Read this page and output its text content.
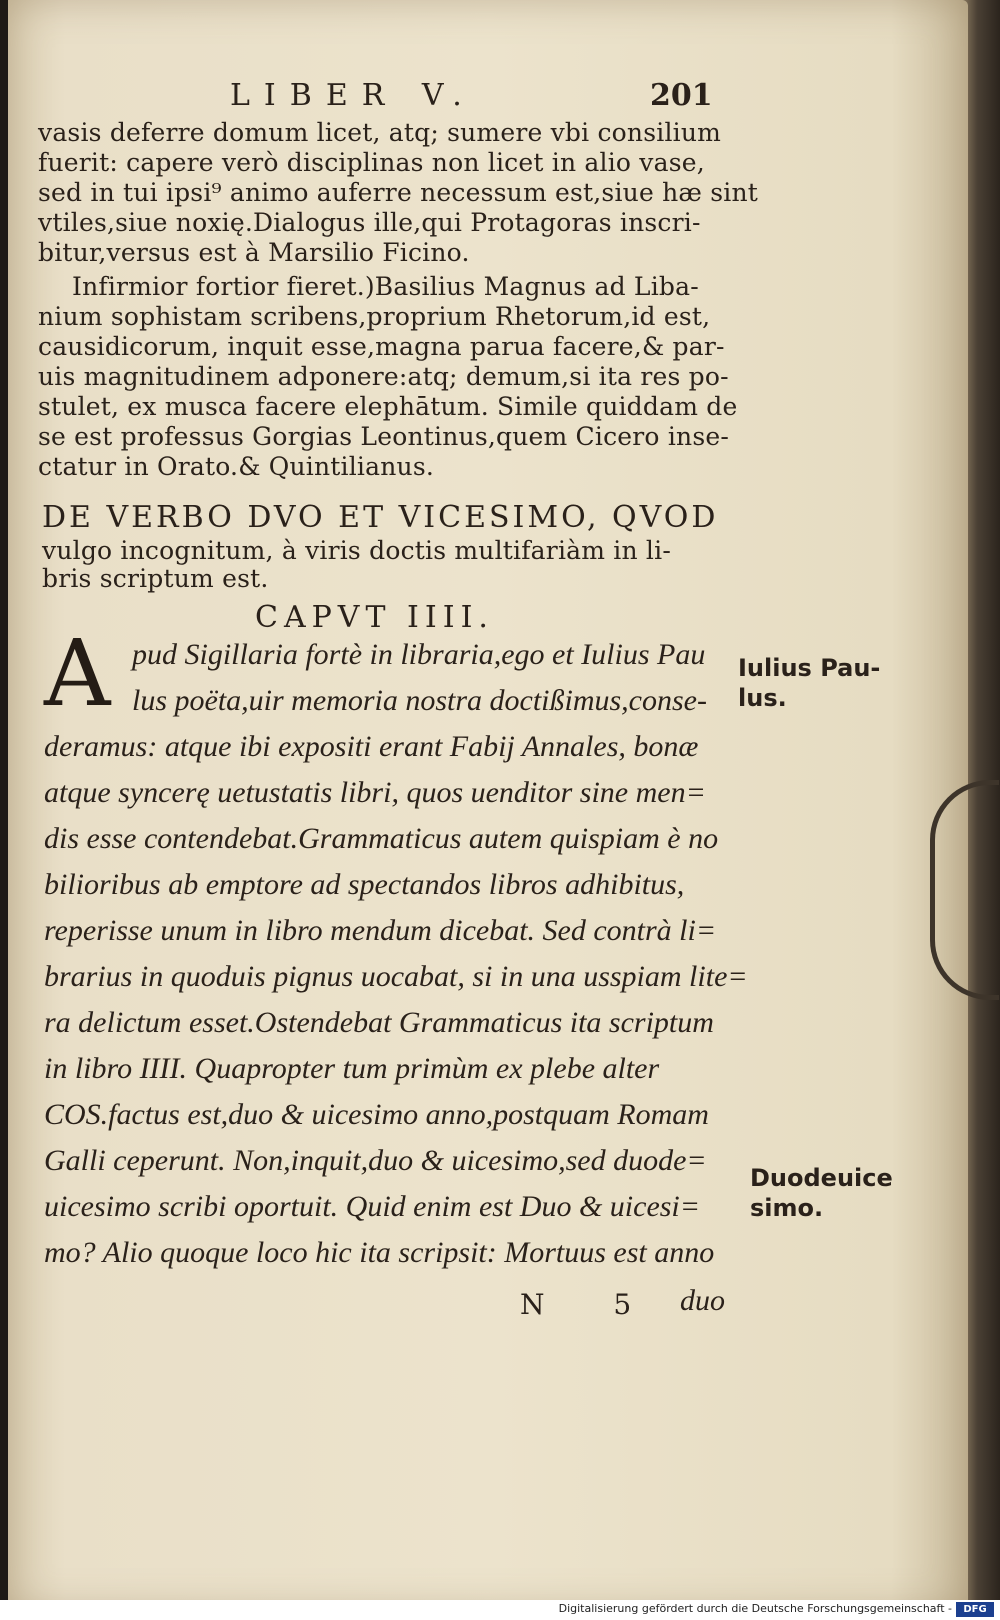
LIBER V.	201
vasis deferre domum licet, atq; sumere vbi consilium
fuerit: capere verò disciplinas non licet in alio vase,
sed in tui ipsi⁹ animo auferre necessum est,siue hæ sint
vtiles,siue noxię.Dialogus ille,qui Protagoras inscri-
bitur,versus est à Marsilio Ficino.
Infirmior fortior fieret.)Basilius Magnus ad Liba-
nium sophistam scribens,proprium Rhetorum,id est,
causidicorum, inquit esse,magna parua facere,& par-
uis magnitudinem adponere:atq; demum,si ita res po-
stulet, ex musca facere elephātum. Simile quiddam de
se est professus Gorgias Leontinus,quem Cicero inse-
ctatur in Orato.& Quintilianus.
DE VERBO DVO ET VICESIMO, QVOD
vulgo incognitum, à viris doctis multifariàm in li-
bris scriptum est.
CAPVT IIII.
A pud Sigillaria fortè in libraria,ego et Iulius Pau
lus poëta,uir memoria nostra doctißimus,conse-
deramus: atque ibi expositi erant Fabij Annales, bonæ
atque syncerę uetustatis libri, quos uenditor sine men=
dis esse contendebat.Grammaticus autem quispiam è no
bilioribus ab emptore ad spectandos libros adhibitus,
reperisse unum in libro mendum dicebat. Sed contrà li=
brarius in quoduis pignus uocabat, si in una usspiam lite=
ra delictum esset.Ostendebat Grammaticus ita scriptum
in libro IIII. Quapropter tum primùm ex plebe alter
COS.factus est,duo & uicesimo anno,postquam Romam
Galli ceperunt. Non,inquit,duo & uicesimo,sed duode=
uicesimo scribi oportuit. Quid enim est Duo & uicesi=
mo? Alio quoque loco hic ita scripsit: Mortuus est anno
N 5 duo
Iulius Pau-
lus.
Duodeuice
simo.
Digitalisierung gefördert durch die Deutsche Forschungsgemeinschaft -	DFG
